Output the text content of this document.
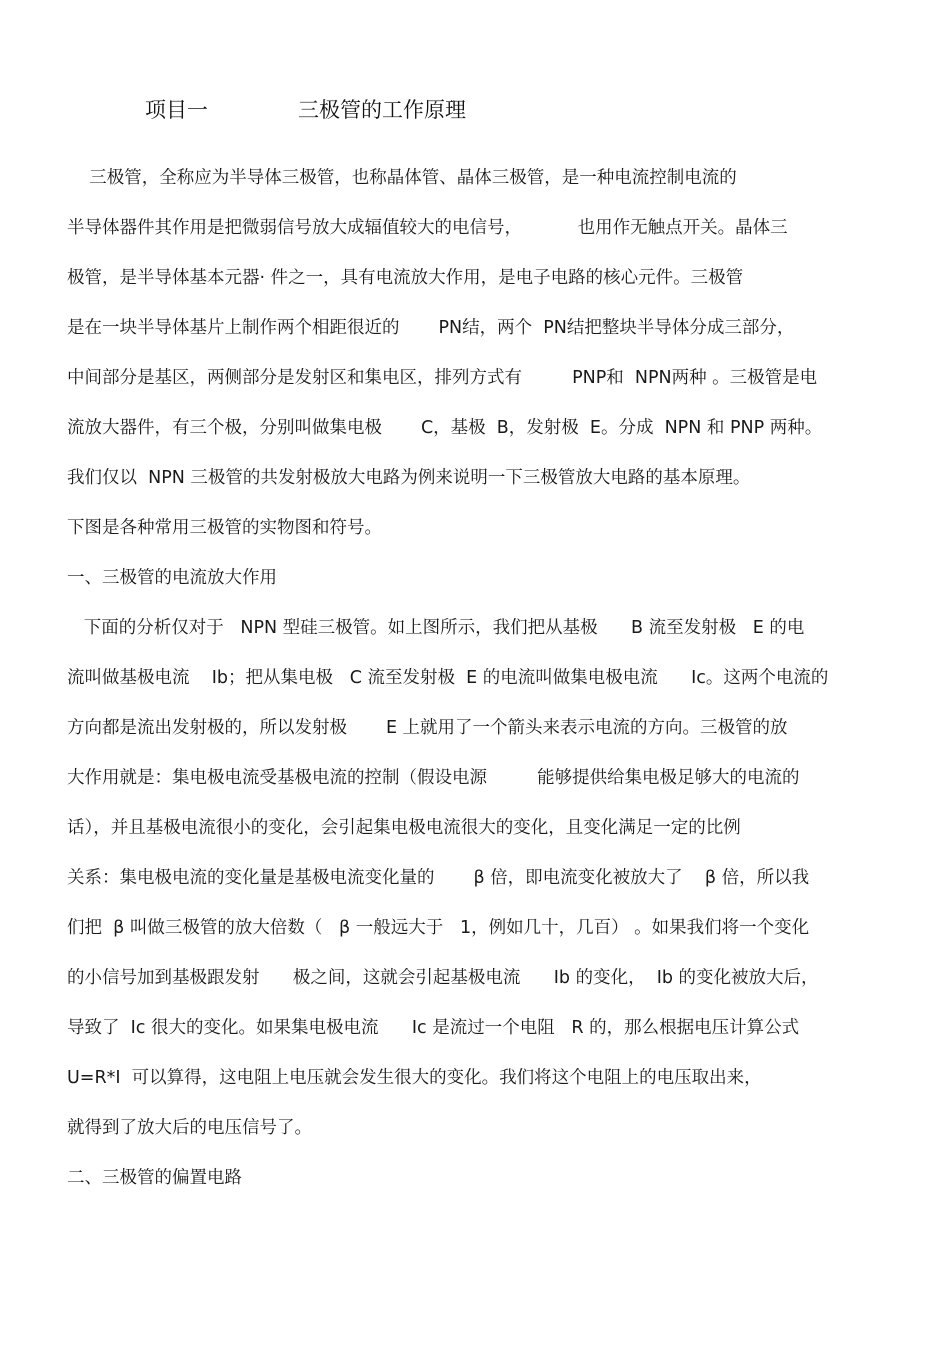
项目一	三极管的工作原理
三极管，全称应为半导体三极管，也称晶体管、晶体三极管，是一种电流控制电流的
半导体器件其作用是把微弱信号放大成辐值较大的电信号，          也用作无触点开关。晶体三
极管，是半导体基本元器· 件之一，具有电流放大作用，是电子电路的核心元件。三极管
是在一块半导体基片上制作两个相距很近的       PN结，两个  PN结把整块半导体分成三部分，
中间部分是基区，两侧部分是发射区和集电区，排列方式有         PNP和  NPN两种 。三极管是电
流放大器件，有三个极，分别叫做集电极       C，基极  B，发射极  E。分成  NPN 和 PNP 两种。
我们仅以  NPN 三极管的共发射极放大电路为例来说明一下三极管放大电路的基本原理。
下图是各种常用三极管的实物图和符号。
一、三极管的电流放大作用
下面的分析仅对于   NPN 型硅三极管。如上图所示，我们把从基极      B 流至发射极   E 的电
流叫做基极电流    Ib；把从集电极   C 流至发射极  E 的电流叫做集电极电流      Ic。这两个电流的
方向都是流出发射极的，所以发射极       E 上就用了一个箭头来表示电流的方向。三极管的放
大作用就是：集电极电流受基极电流的控制（假设电源         能够提供给集电极足够大的电流的
话），并且基极电流很小的变化，会引起集电极电流很大的变化，且变化满足一定的比例
关系：集电极电流的变化量是基极电流变化量的       β 倍，即电流变化被放大了    β 倍，所以我
们把  β 叫做三极管的放大倍数（   β 一般远大于   1，例如几十，几百） 。如果我们将一个变化
的小信号加到基极跟发射      极之间，这就会引起基极电流      Ib 的变化，  Ib 的变化被放大后，
导致了  Ic 很大的变化。如果集电极电流      Ic 是流过一个电阻   R 的，那么根据电压计算公式
U=R*I  可以算得，这电阻上电压就会发生很大的变化。我们将这个电阻上的电压取出来，
就得到了放大后的电压信号了。
二、三极管的偏置电路
